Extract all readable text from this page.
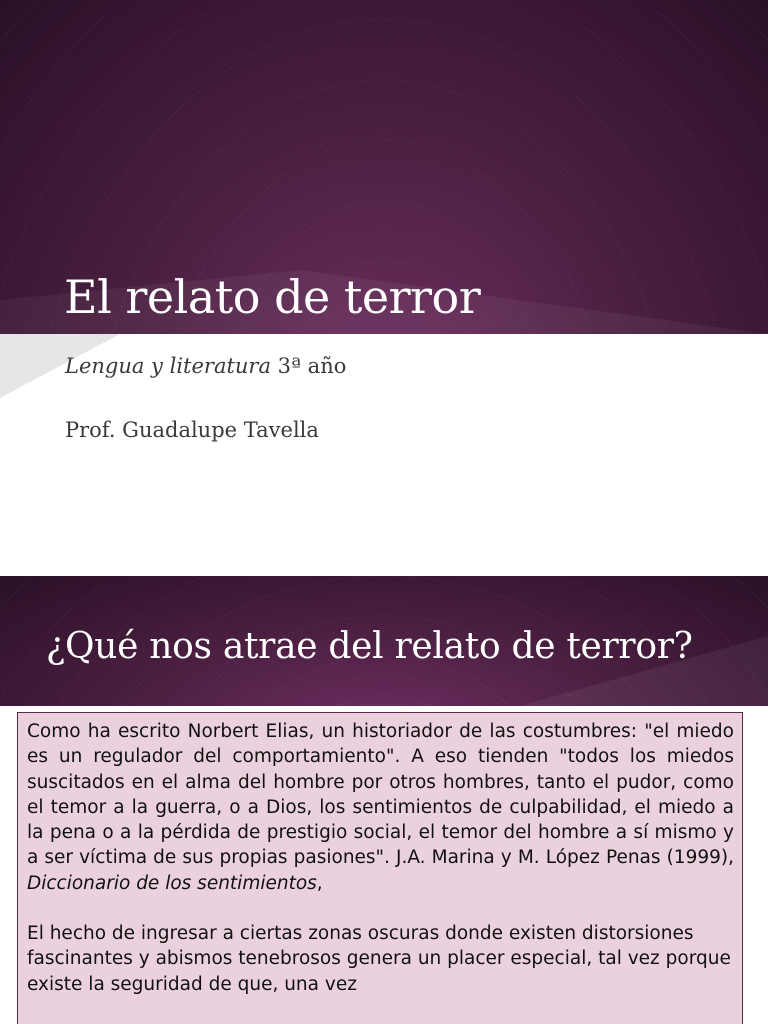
El relato de terror
Lengua y literatura 3ª año
Prof. Guadalupe Tavella
¿Qué nos atrae del relato de terror?

Como ha escrito Norbert Elias, un historiador de las costumbres: "el miedo es un regulador del comportamiento". A eso tienden "todos los miedos suscitados en el alma del hombre por otros hombres, tanto el pudor, como el temor a la guerra, o a Dios, los sentimientos de culpabilidad, el miedo a la pena o a la pérdida de prestigio social, el temor del hombre a sí mismo y a ser víctima de sus propias pasiones". J.A. Marina y M. López Penas (1999), Diccionario de los sentimientos,

El hecho de ingresar a ciertas zonas oscuras donde existen distorsiones fascinantes y abismos tenebrosos genera un placer especial, tal vez porque existe la seguridad de que, una vez
